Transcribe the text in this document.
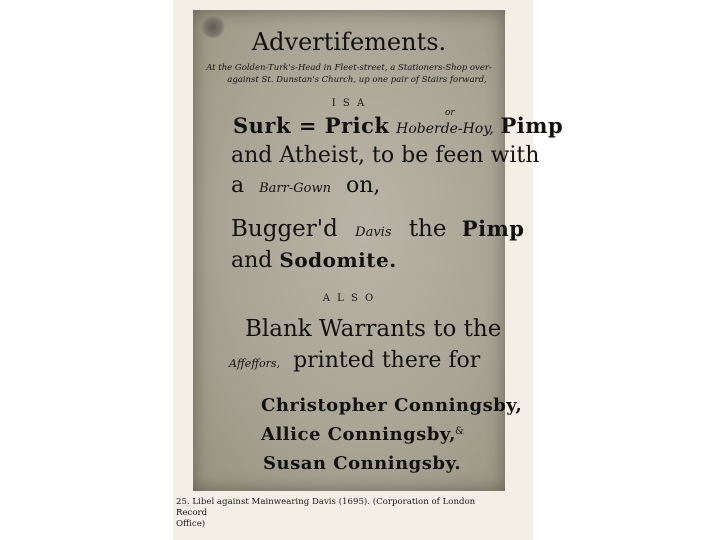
Advertifements.
At the Golden-Turk's-Head in Fleet-street, a Stationers-Shop over-
against St. Dunstan's Church, up one pair of Stairs forward,
I S A
Surk = Prick Hoberde-Hoy, Pimp
or
and Atheist, to be feen with
a Barr-Gown on,
Bugger'd Davis the Pimp
and Sodomite.
A L S O
Blank Warrants to the
Affeffors, printed there for
Christopher Conningsby,
Allice Conningsby, &
Susan Conningsby.
25. Libel against Mainwearing Davis (1695). (Corporation of London Record
Office)
